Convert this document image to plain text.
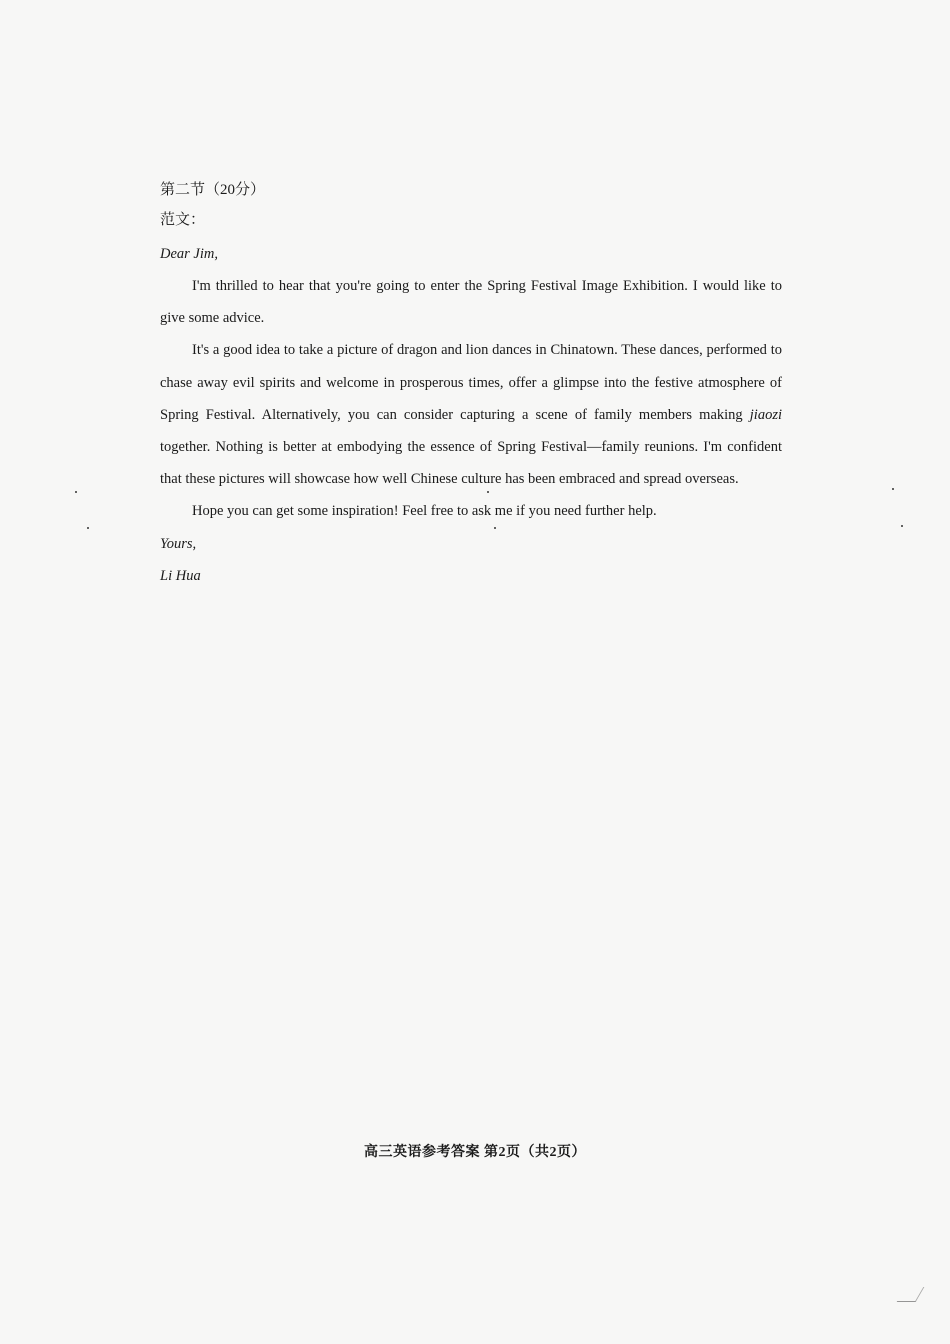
第二节（20分）

范文：

Dear Jim,

I'm thrilled to hear that you're going to enter the Spring Festival Image Exhibition. I would like to give some advice.

It's a good idea to take a picture of dragon and lion dances in Chinatown. These dances, performed to chase away evil spirits and welcome in prosperous times, offer a glimpse into the festive atmosphere of Spring Festival. Alternatively, you can consider capturing a scene of family members making jiaozi together. Nothing is better at embodying the essence of Spring Festival—family reunions. I'm confident that these pictures will showcase how well Chinese culture has been embraced and spread overseas.

Hope you can get some inspiration! Feel free to ask me if you need further help.

Yours,

Li Hua

高三英语参考答案 第2页（共2页）
